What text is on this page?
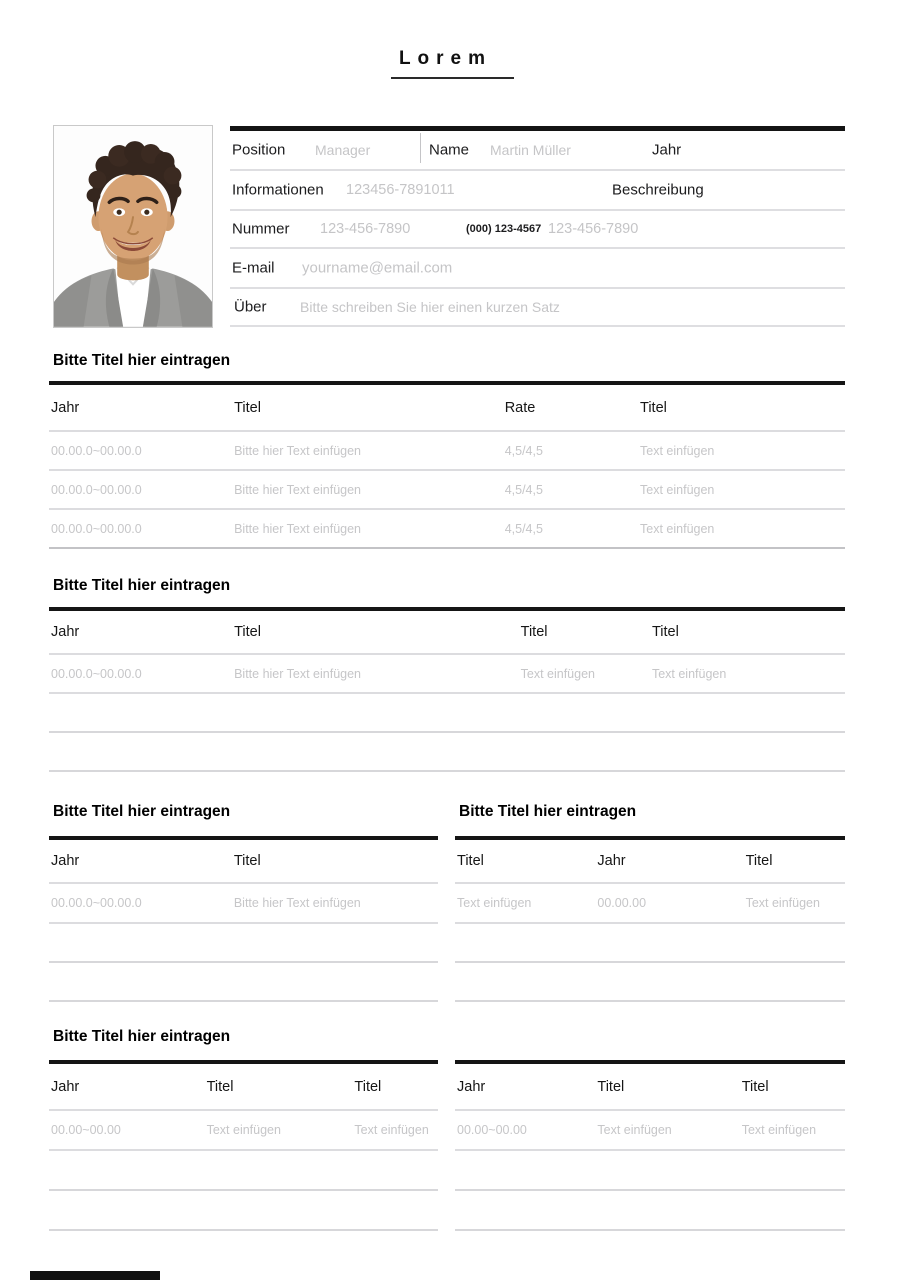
Lorem
Position Manager	Name Martin Müller	Jahr
Informationen 123456-7891011	Beschreibung
Nummer 123-456-7890	(000) 123-4567 123-456-7890
E-mail yourname@email.com
Über Bitte schreiben Sie hier einen kurzen Satz
Bitte Titel hier eintragen
Jahr	Titel	Rate	Titel
00.00.0~00.00.0	Bitte hier Text einfügen	4,5/4,5	Text einfügen
00.00.0~00.00.0	Bitte hier Text einfügen	4,5/4,5	Text einfügen
00.00.0~00.00.0	Bitte hier Text einfügen	4,5/4,5	Text einfügen
Bitte Titel hier eintragen
Jahr	Titel	Titel	Titel
00.00.0~00.00.0	Bitte hier Text einfügen	Text einfügen	Text einfügen
Bitte Titel hier eintragen
Jahr	Titel
00.00.0~00.00.0	Bitte hier Text einfügen
Bitte Titel hier eintragen
Titel	Jahr	Titel
Text einfügen	00.00.00	Text einfügen
Bitte Titel hier eintragen
Jahr	Titel	Titel
00.00~00.00	Text einfügen	Text einfügen
Jahr	Titel	Titel
00.00~00.00	Text einfügen	Text einfügen
